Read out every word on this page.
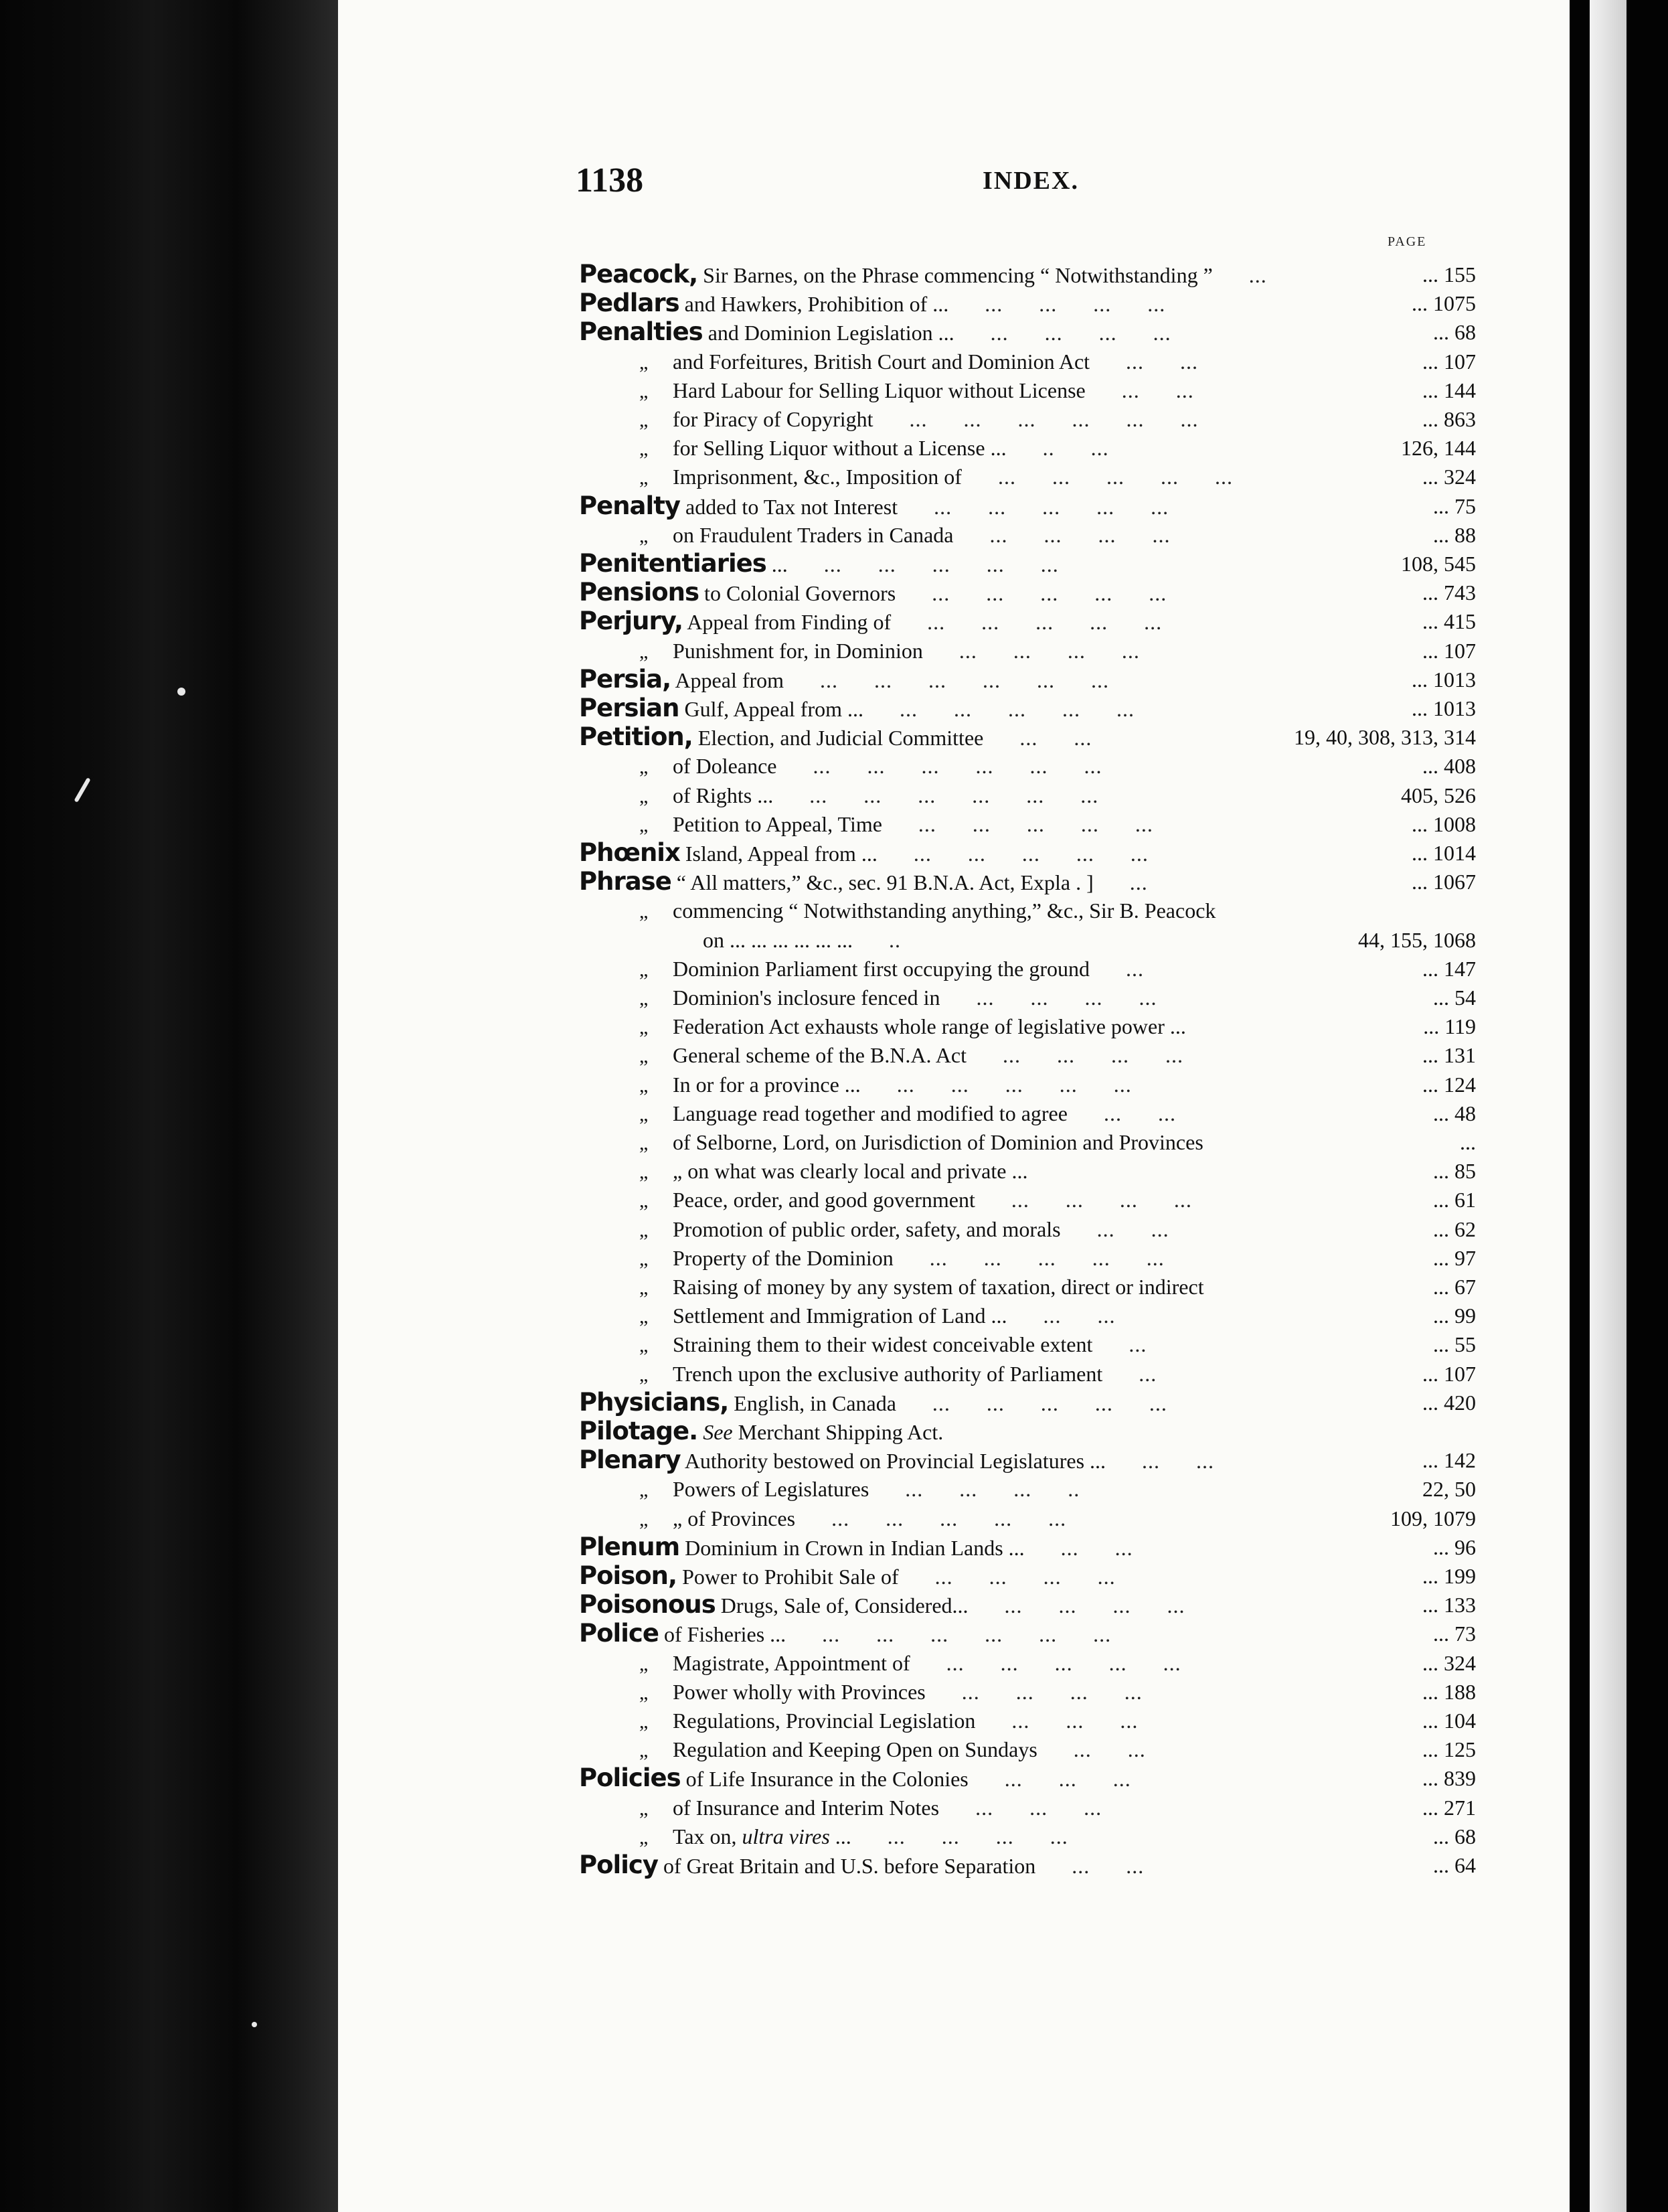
1138	INDEX.
PAGE
Peacock, Sir Barnes, on the Phrase commencing “ Notwithstanding ”      ...	... 155
Pedlars and Hawkers, Prohibition of ...      ...      ...      ...      ...	... 1075
Penalties and Dominion Legislation ...      ...      ...      ...      ...	... 68
„ and Forfeitures, British Court and Dominion Act      ...      ...	... 107
„ Hard Labour for Selling Liquor without License      ...      ...	... 144
„ for Piracy of Copyright      ...      ...      ...      ...      ...      ...	... 863
„ for Selling Liquor without a License ...      ..      ...	126, 144
„ Imprisonment, &c., Imposition of      ...      ...      ...      ...      ...	... 324
Penalty added to Tax not Interest      ...      ...      ...      ...      ...	... 75
„ on Fraudulent Traders in Canada      ...      ...      ...      ...	... 88
Penitentiaries ...      ...      ...      ...      ...      ...	108, 545
Pensions to Colonial Governors      ...      ...      ...      ...      ...	... 743
Perjury, Appeal from Finding of      ...      ...      ...      ...      ...	... 415
„ Punishment for, in Dominion      ...      ...      ...      ...	... 107
Persia, Appeal from      ...      ...      ...      ...      ...      ...	... 1013
Persian Gulf, Appeal from ...      ...      ...      ...      ...      ...	... 1013
Petition, Election, and Judicial Committee      ...      ...	19, 40, 308, 313, 314
„ of Doleance      ...      ...      ...      ...      ...      ...	... 408
„ of Rights ...      ...      ...      ...      ...      ...      ...	405, 526
„ Petition to Appeal, Time      ...      ...      ...      ...      ...	... 1008
Phœnix Island, Appeal from ...      ...      ...      ...      ...      ...	... 1014
Phrase “ All matters,” &c., sec. 91 B.N.A. Act, Expla . ]      ...	... 1067
„ commencing “ Notwithstanding anything,” &c., Sir B. Peacock
on ... ... ... ... ... ...      ..	44, 155, 1068
„ Dominion Parliament first occupying the ground      ...	... 147
„ Dominion's inclosure fenced in      ...      ...      ...      ...	... 54
„ Federation Act exhausts whole range of legislative power ...	... 119
„ General scheme of the B.N.A. Act      ...      ...      ...      ...	... 131
„ In or for a province ...      ...      ...      ...      ...      ...	... 124
„ Language read together and modified to agree      ...      ...	... 48
„ of Selborne, Lord, on Jurisdiction of Dominion and Provinces	...
„ „ on what was clearly local and private ...	... 85
„ Peace, order, and good government      ...      ...      ...      ...	... 61
„ Promotion of public order, safety, and morals      ...      ...	... 62
„ Property of the Dominion      ...      ...      ...      ...      ...	... 97
„ Raising of money by any system of taxation, direct or indirect	... 67
„ Settlement and Immigration of Land ...      ...      ...	... 99
„ Straining them to their widest conceivable extent      ...	... 55
„ Trench upon the exclusive authority of Parliament      ...	... 107
Physicians, English, in Canada      ...      ...      ...      ...      ...	... 420
Pilotage. See Merchant Shipping Act.
Plenary Authority bestowed on Provincial Legislatures ...      ...      ...	... 142
„ Powers of Legislatures      ...      ...      ...      ..	22, 50
„ „ of Provinces      ...      ...      ...      ...      ...	109, 1079
Plenum Dominium in Crown in Indian Lands ...      ...      ...	... 96
Poison, Power to Prohibit Sale of      ...      ...      ...      ...	... 199
Poisonous Drugs, Sale of, Considered...      ...      ...      ...      ...	... 133
Police of Fisheries ...      ...      ...      ...      ...      ...      ...	... 73
„ Magistrate, Appointment of      ...      ...      ...      ...      ...	... 324
„ Power wholly with Provinces      ...      ...      ...      ...	... 188
„ Regulations, Provincial Legislation      ...      ...      ...	... 104
„ Regulation and Keeping Open on Sundays      ...      ...	... 125
Policies of Life Insurance in the Colonies      ...      ...      ...	... 839
„ of Insurance and Interim Notes      ...      ...      ...	... 271
„ Tax on, ultra vires ...      ...      ...      ...      ...	... 68
Policy of Great Britain and U.S. before Separation      ...      ...	... 64
